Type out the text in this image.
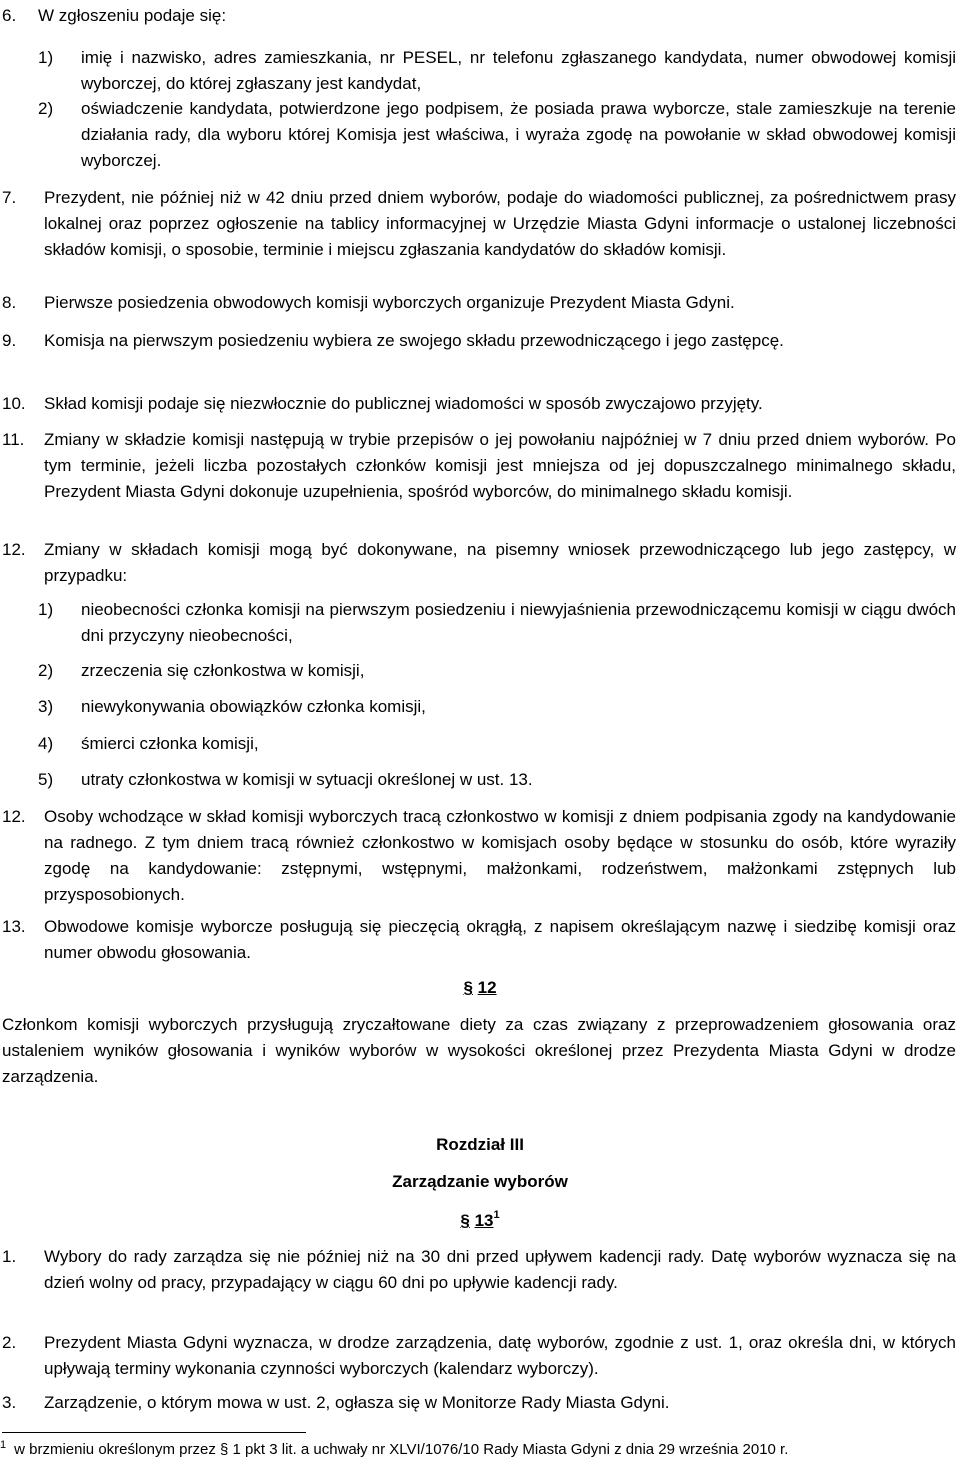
6. W zgłoszeniu podaje się:
1) imię i nazwisko, adres zamieszkania, nr PESEL, nr telefonu zgłaszanego kandydata, numer obwodowej komisji wyborczej, do której zgłaszany jest kandydat,
2) oświadczenie kandydata, potwierdzone jego podpisem, że posiada prawa wyborcze, stale zamieszkuje na terenie działania rady, dla wyboru której Komisja jest właściwa, i wyraża zgodę na powołanie w skład obwodowej komisji wyborczej.
7. Prezydent, nie później niż w 42 dniu przed dniem wyborów, podaje do wiadomości publicznej, za pośrednictwem prasy lokalnej oraz poprzez ogłoszenie na tablicy informacyjnej w Urzędzie Miasta Gdyni informacje o ustalonej liczebności składów komisji, o sposobie, terminie i miejscu zgłaszania kandydatów do składów komisji.
8. Pierwsze posiedzenia obwodowych komisji wyborczych organizuje Prezydent Miasta Gdyni.
9. Komisja na pierwszym posiedzeniu wybiera ze swojego składu przewodniczącego i jego zastępcę.
10. Skład komisji podaje się niezwłocznie do publicznej wiadomości w sposób zwyczajowo przyjęty.
11. Zmiany w składzie komisji następują w trybie przepisów o jej powołaniu najpóźniej w 7 dniu przed dniem wyborów. Po tym terminie, jeżeli liczba pozostałych członków komisji jest mniejsza od jej dopuszczalnego minimalnego składu, Prezydent Miasta Gdyni dokonuje uzupełnienia, spośród wyborców, do minimalnego składu komisji.
12. Zmiany w składach komisji mogą być dokonywane, na pisemny wniosek przewodniczącego lub jego zastępcy, w przypadku:
1) nieobecności członka komisji na pierwszym posiedzeniu i niewyjaśnienia przewodniczącemu komisji w ciągu dwóch dni przyczyny nieobecności,
2) zrzeczenia się członkostwa w komisji,
3) niewykonywania obowiązków członka komisji,
4) śmierci członka komisji,
5) utraty członkostwa w komisji w sytuacji określonej w ust. 13.
12. Osoby wchodzące w skład komisji wyborczych tracą członkostwo w komisji z dniem podpisania zgody na kandydowanie na radnego. Z tym dniem tracą również członkostwo w komisjach osoby będące w stosunku do osób, które wyraziły zgodę na kandydowanie: zstępnymi, wstępnymi, małżonkami, rodzeństwem, małżonkami zstępnych lub przysposobionych.
13. Obwodowe komisje wyborcze posługują się pieczęcią okrągłą, z napisem określającym nazwę i siedzibę komisji oraz numer obwodu głosowania.
§ 12
Członkom komisji wyborczych przysługują zryczałtowane diety za czas związany z przeprowadzeniem głosowania oraz ustaleniem wyników głosowania i wyników wyborów w wysokości określonej przez Prezydenta Miasta Gdyni w drodze zarządzenia.
Rozdział III
Zarządzanie wyborów
§ $13^1$
1. Wybory do rady zarządza się nie później niż na 30 dni przed upływem kadencji rady. Datę wyborów wyznacza się na dzień wolny od pracy, przypadający w ciągu 60 dni po upływie kadencji rady.
2. Prezydent Miasta Gdyni wyznacza, w drodze zarządzenia, datę wyborów, zgodnie z ust. 1, oraz określa dni, w których upływają terminy wykonania czynności wyborczych (kalendarz wyborczy).
3. Zarządzenie, o którym mowa w ust. 2, ogłasza się w Monitorze Rady Miasta Gdyni.
$^1$ w brzmieniu określonym przez § 1 pkt 3 lit. a uchwały nr XLVI/1076/10 Rady Miasta Gdyni z dnia 29 września 2010 r.
